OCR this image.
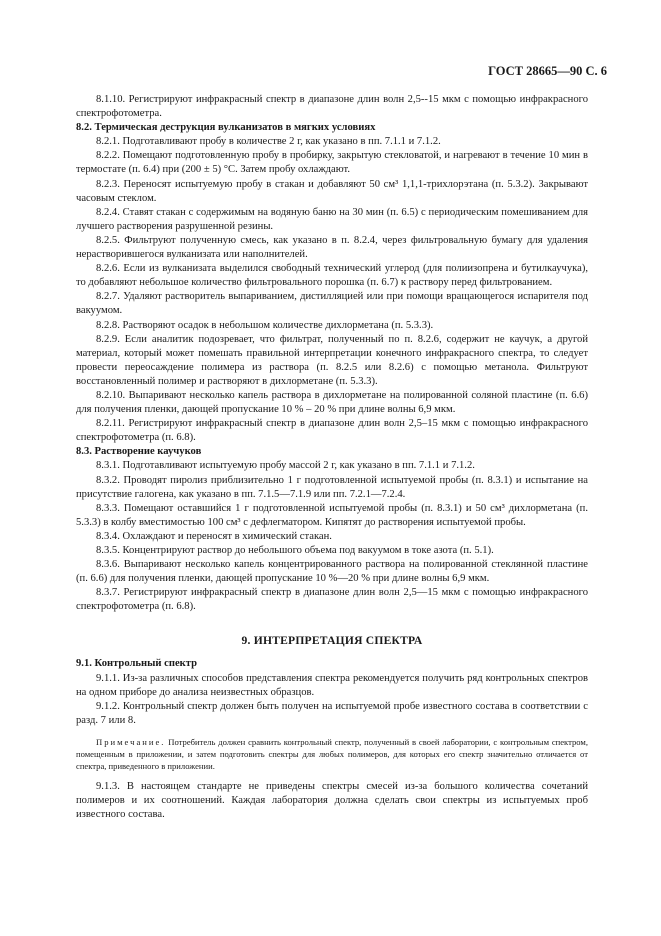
ГОСТ 28665—90 С. 6

8.1.10. Регистрируют инфракрасный спектр в диапазоне длин волн 2,5--15 мкм с помощью инфракрасного спектрофотометра.

8.2. Термическая деструкция вулканизатов в мягких условиях

8.2.1. Подготавливают пробу в количестве 2 г, как указано в пп. 7.1.1 и 7.1.2.

8.2.2. Помещают подготовленную пробу в пробирку, закрытую стекловатой, и нагревают в течение 10 мин в термостате (п. 6.4) при (200 ± 5) °С. Затем пробу охлаждают.

8.2.3. Переносят испытуемую пробу в стакан и добавляют 50 см³ 1,1,1-трихлорэтана (п. 5.3.2). Закрывают часовым стеклом.

8.2.4. Ставят стакан с содержимым на водяную баню на 30 мин (п. 6.5) с периодическим помешиванием для лучшего растворения разрушенной резины.

8.2.5. Фильтруют полученную смесь, как указано в п. 8.2.4, через фильтровальную бумагу для удаления нерастворившегося вулканизата или наполнителей.

8.2.6. Если из вулканизата выделился свободный технический углерод (для полиизопрена и бутилкаучука), то добавляют небольшое количество фильтровального порошка (п. 6.7) к раствору перед фильтрованием.

8.2.7. Удаляют растворитель выпариванием, дистилляцией или при помощи вращающегося испарителя под вакуумом.

8.2.8. Растворяют осадок в небольшом количестве дихлорметана (п. 5.3.3).

8.2.9. Если аналитик подозревает, что фильтрат, полученный по п. 8.2.6, содержит не каучук, а другой материал, который может помешать правильной интерпретации конечного инфракрасного спектра, то следует провести переосаждение полимера из раствора (п. 8.2.5 или 8.2.6) с помощью метанола. Фильтруют восстановленный полимер и растворяют в дихлорметане (п. 5.3.3).

8.2.10. Выпаривают несколько капель раствора в дихлорметане на полированной соляной пластине (п. 6.6) для получения пленки, дающей пропускание 10 % – 20 % при длине волны 6,9 мкм.

8.2.11. Регистрируют инфракрасный спектр в диапазоне длин волн 2,5–15 мкм с помощью инфракрасного спектрофотометра (п. 6.8).

8.3. Растворение каучуков

8.3.1. Подготавливают испытуемую пробу массой 2 г, как указано в пп. 7.1.1 и 7.1.2.

8.3.2. Проводят пиролиз приблизительно 1 г подготовленной испытуемой пробы (п. 8.3.1) и испытание на присутствие галогена, как указано в пп. 7.1.5—7.1.9 или пп. 7.2.1—7.2.4.

8.3.3. Помещают оставшийся 1 г подготовленной испытуемой пробы (п. 8.3.1) и 50 см³ дихлорметана (п. 5.3.3) в колбу вместимостью 100 см³ с дефлегматором. Кипятят до растворения испытуемой пробы.

8.3.4. Охлаждают и переносят в химический стакан.

8.3.5. Концентрируют раствор до небольшого объема под вакуумом в токе азота (п. 5.1).

8.3.6. Выпаривают несколько капель концентрированного раствора на полированной стеклянной пластине (п. 6.6) для получения пленки, дающей пропускание 10 %—20 % при длине волны 6,9 мкм.

8.3.7. Регистрируют инфракрасный спектр в диапазоне длин волн 2,5—15 мкм с помощью инфракрасного спектрофотометра (п. 6.8).

9. ИНТЕРПРЕТАЦИЯ СПЕКТРА

9.1. Контрольный спектр

9.1.1. Из-за различных способов представления спектра рекомендуется получить ряд контрольных спектров на одном приборе до анализа неизвестных образцов.

9.1.2. Контрольный спектр должен быть получен на испытуемой пробе известного состава в соответствии с разд. 7 или 8.

Примечание. Потребитель должен сравнить контрольный спектр, полученный в своей лаборатории, с контрольным спектром, помещенным в приложении, и затем подготовить спектры для любых полимеров, для которых его спектр значительно отличается от спектра, приведенного в приложении.

9.1.3. В настоящем стандарте не приведены спектры смесей из-за большого количества сочетаний полимеров и их соотношений. Каждая лаборатория должна сделать свои спектры из испытуемых проб известного состава.
